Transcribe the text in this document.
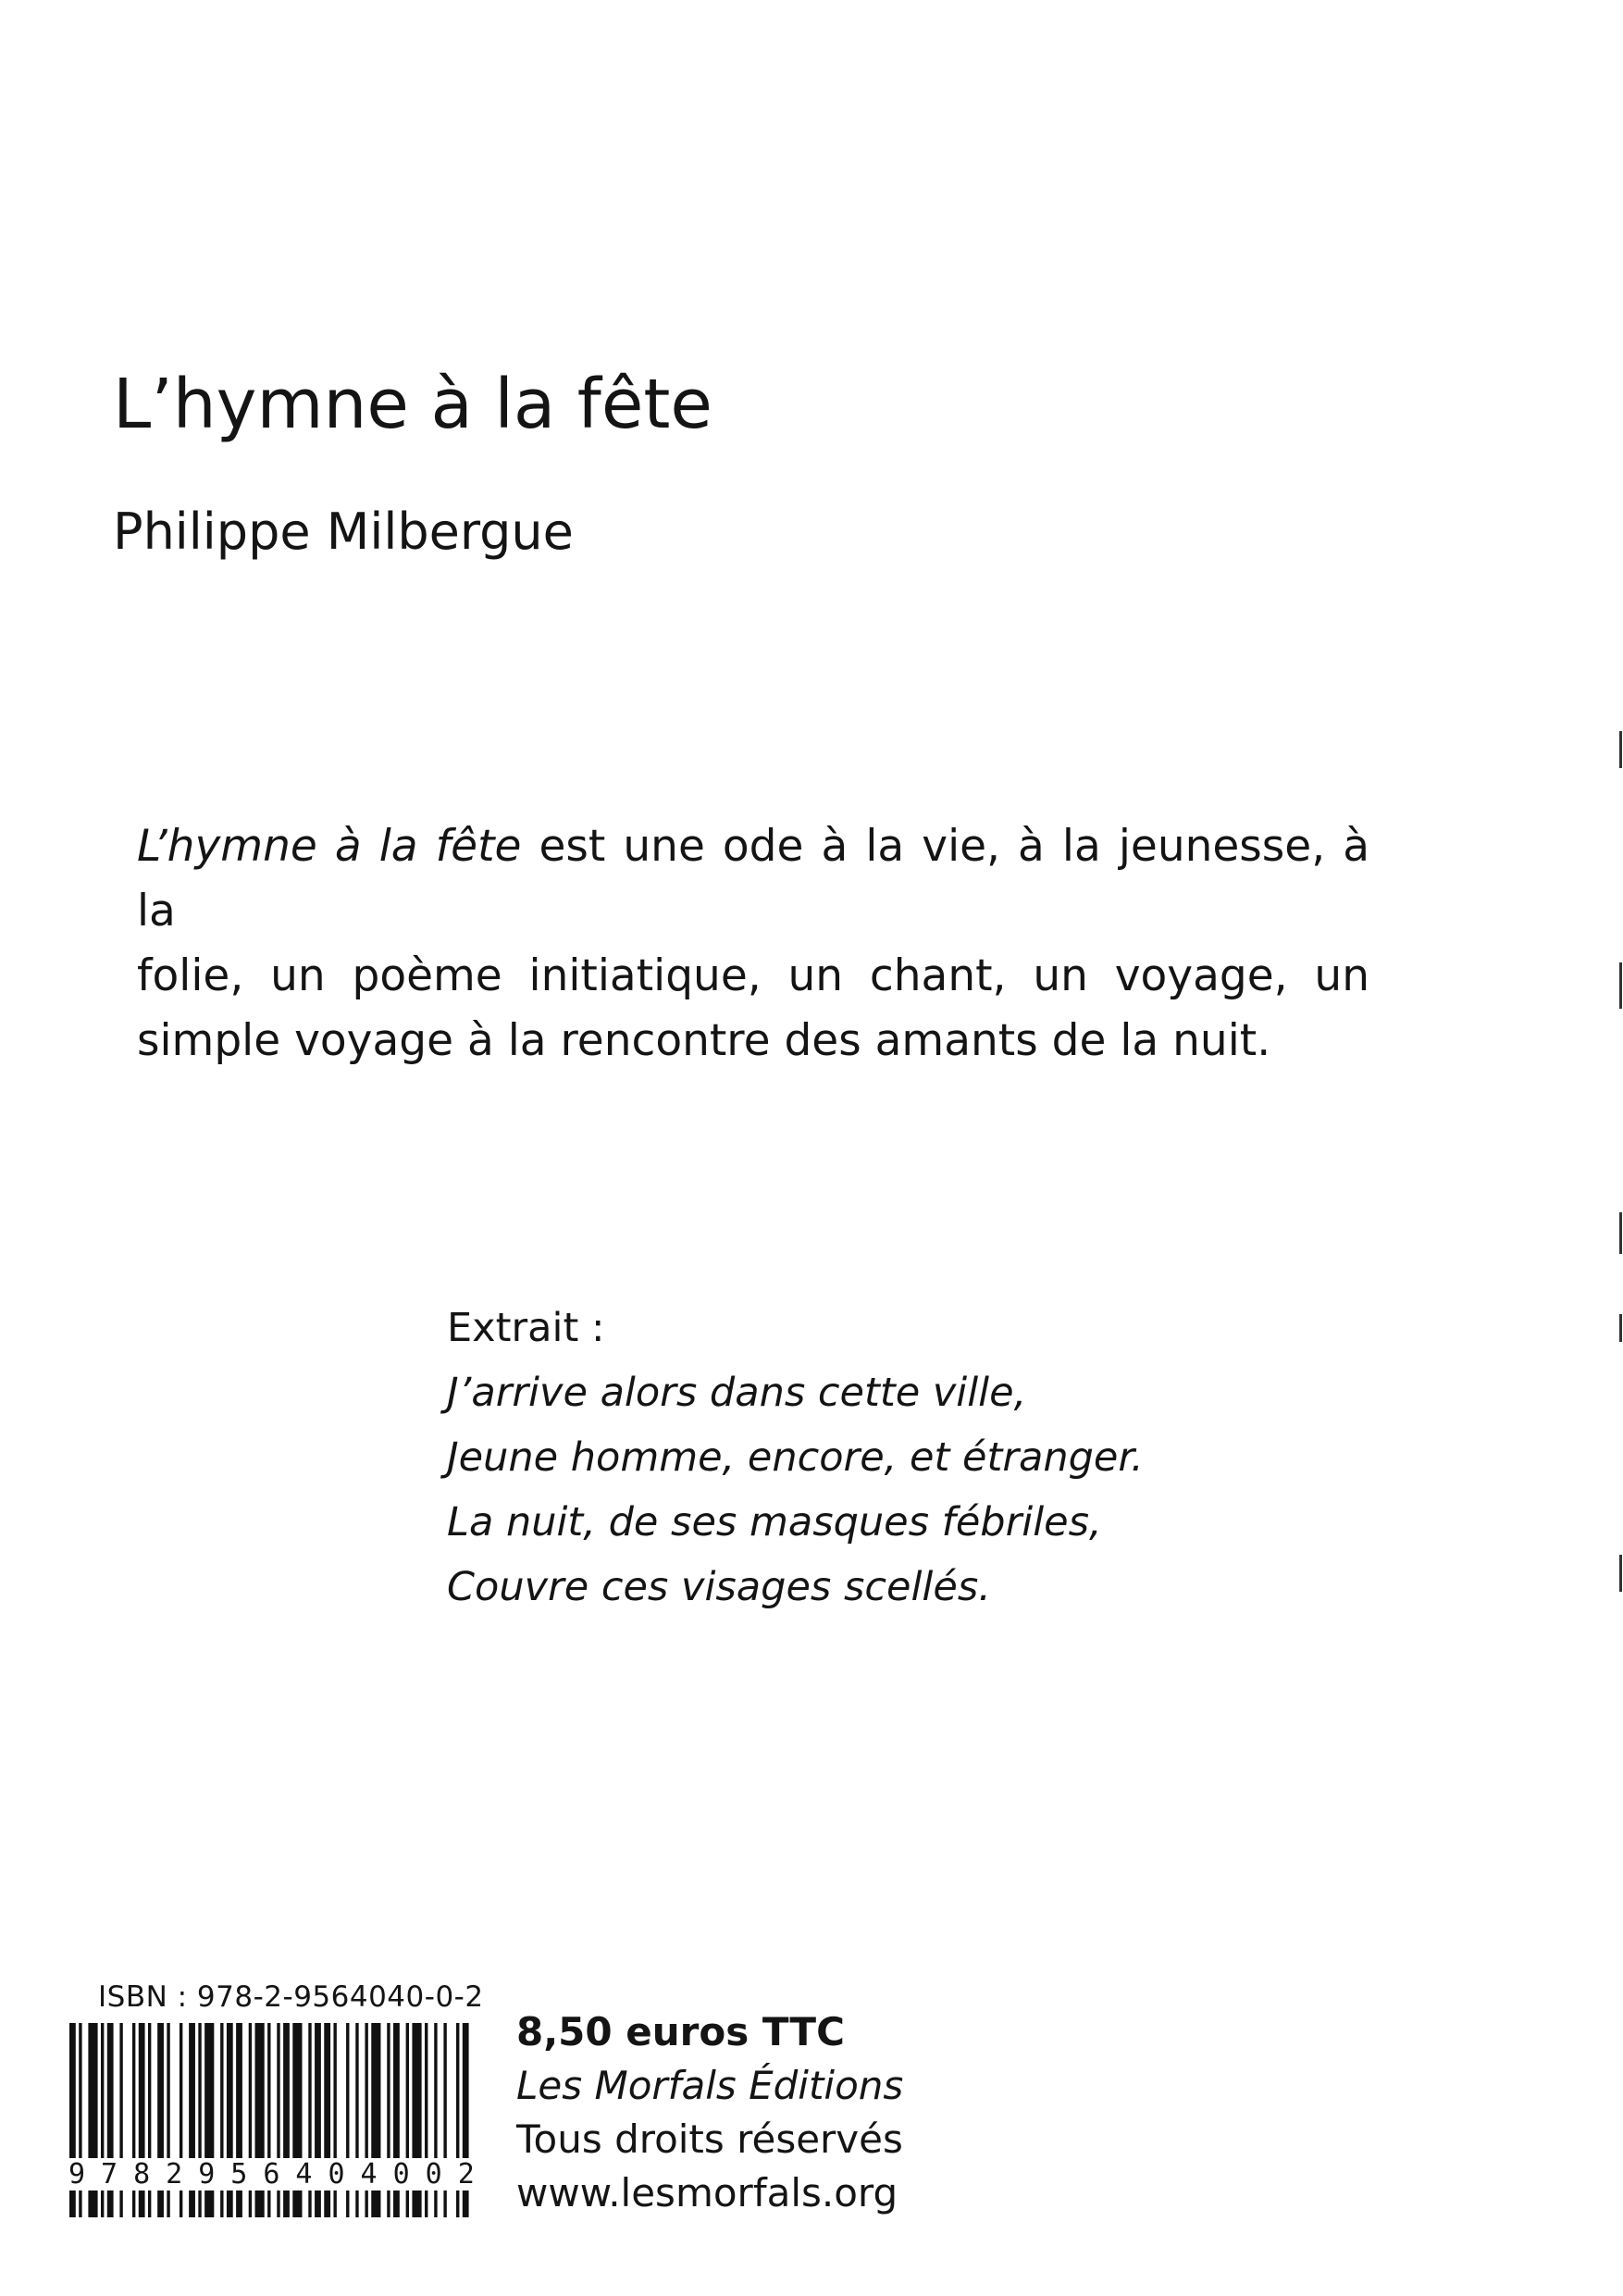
L’hymne à la fête
Philippe Milbergue
L’hymne à la fête est une ode à la vie, à la jeunesse, à la
folie, un poème initiatique, un chant, un voyage, un
simple voyage à la rencontre des amants de la nuit.
Extrait :
J’arrive alors dans cette ville,
Jeune homme, encore, et étranger.
La nuit, de ses masques fébriles,
Couvre ces visages scellés.
ISBN : 978-2-9564040-0-2
9782956404002
8,50 euros TTC
Les Morfals Éditions
Tous droits réservés
www.lesmorfals.org
